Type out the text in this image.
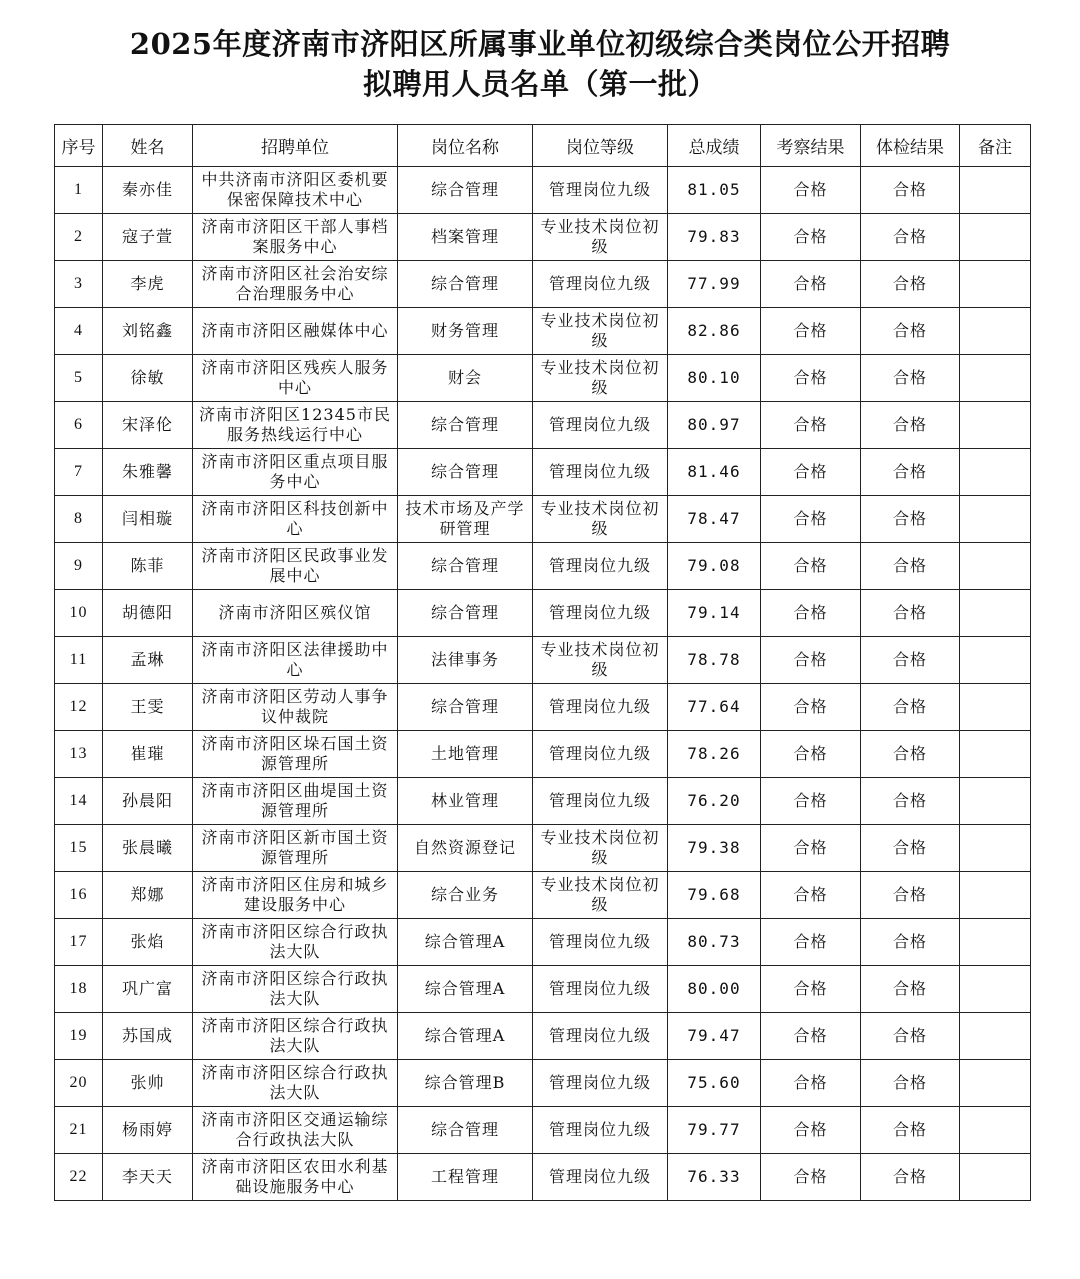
2025年度济南市济阳区所属事业单位初级综合类岗位公开招聘
拟聘用人员名单（第一批）
序号	姓名	招聘单位	岗位名称	岗位等级	总成绩	考察结果	体检结果	备注
1	秦亦佳	中共济南市济阳区委机要保密保障技术中心	综合管理	管理岗位九级	81.05	合格	合格	
2	寇子萱	济南市济阳区干部人事档案服务中心	档案管理	专业技术岗位初级	79.83	合格	合格	
3	李虎	济南市济阳区社会治安综合治理服务中心	综合管理	管理岗位九级	77.99	合格	合格	
4	刘铭鑫	济南市济阳区融媒体中心	财务管理	专业技术岗位初级	82.86	合格	合格	
5	徐敏	济南市济阳区残疾人服务中心	财会	专业技术岗位初级	80.10	合格	合格	
6	宋泽伦	济南市济阳区12345市民服务热线运行中心	综合管理	管理岗位九级	80.97	合格	合格	
7	朱雅馨	济南市济阳区重点项目服务中心	综合管理	管理岗位九级	81.46	合格	合格	
8	闫相璇	济南市济阳区科技创新中心	技术市场及产学研管理	专业技术岗位初级	78.47	合格	合格	
9	陈菲	济南市济阳区民政事业发展中心	综合管理	管理岗位九级	79.08	合格	合格	
10	胡德阳	济南市济阳区殡仪馆	综合管理	管理岗位九级	79.14	合格	合格	
11	孟琳	济南市济阳区法律援助中心	法律事务	专业技术岗位初级	78.78	合格	合格	
12	王雯	济南市济阳区劳动人事争议仲裁院	综合管理	管理岗位九级	77.64	合格	合格	
13	崔璀	济南市济阳区垛石国土资源管理所	土地管理	管理岗位九级	78.26	合格	合格	
14	孙晨阳	济南市济阳区曲堤国土资源管理所	林业管理	管理岗位九级	76.20	合格	合格	
15	张晨曦	济南市济阳区新市国土资源管理所	自然资源登记	专业技术岗位初级	79.38	合格	合格	
16	郑娜	济南市济阳区住房和城乡建设服务中心	综合业务	专业技术岗位初级	79.68	合格	合格	
17	张焰	济南市济阳区综合行政执法大队	综合管理A	管理岗位九级	80.73	合格	合格	
18	巩广富	济南市济阳区综合行政执法大队	综合管理A	管理岗位九级	80.00	合格	合格	
19	苏国成	济南市济阳区综合行政执法大队	综合管理A	管理岗位九级	79.47	合格	合格	
20	张帅	济南市济阳区综合行政执法大队	综合管理B	管理岗位九级	75.60	合格	合格	
21	杨雨婷	济南市济阳区交通运输综合行政执法大队	综合管理	管理岗位九级	79.77	合格	合格	
22	李天天	济南市济阳区农田水利基础设施服务中心	工程管理	管理岗位九级	76.33	合格	合格	
